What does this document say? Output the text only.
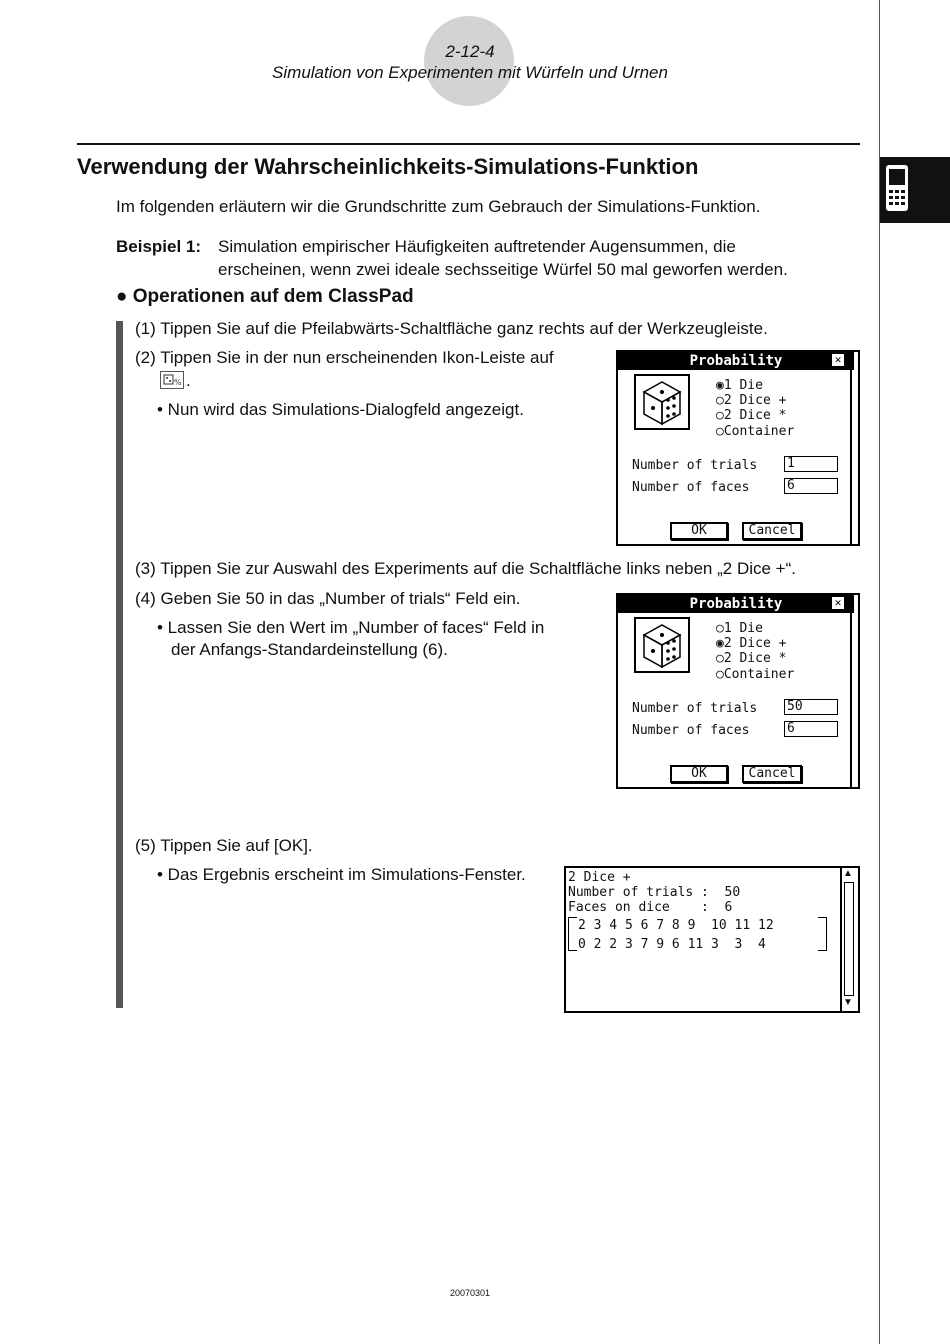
2-12-4
Simulation von Experimenten mit Würfeln und Urnen
Verwendung der Wahrscheinlichkeits-Simulations-Funktion
Im folgenden erläutern wir die Grundschritte zum Gebrauch der Simulations-Funktion.
Beispiel 1: Simulation empirischer Häufigkeiten auftretender Augensummen, die
erscheinen, wenn zwei ideale sechsseitige Würfel 50 mal geworfen werden.
● Operationen auf dem ClassPad
(1) Tippen Sie auf die Pfeilabwärts-Schaltfläche ganz rechts auf der Werkzeugleiste.
(2) Tippen Sie in der nun erscheinenden Ikon-Leiste auf
% .
• Nun wird das Simulations-Dialogfeld angezeigt.
Probability	✕
◉1 Die
○2 Dice +
○2 Dice *
○Container
Number of trials 1
Number of faces	6
OK	Cancel
(3) Tippen Sie zur Auswahl des Experiments auf die Schaltfläche links neben „2 Dice +“.
(4) Geben Sie 50 in das „Number of trials“ Feld ein.
• Lassen Sie den Wert im „Number of faces“ Feld in
der Anfangs-Standardeinstellung (6).
Probability	✕
○1 Die
◉2 Dice +
○2 Dice *
○Container
Number of trials 50
Number of faces	6
OK	Cancel
(5) Tippen Sie auf [OK].
• Das Ergebnis erscheint im Simulations-Fenster.	2 Dice +
Number of trials :  50
Faces on dice    :  6
2 3 4 5 6 7 8 9  10 11 12
0 2 2 3 7 9 6 11 3  3  4
▲
▼
20070301
